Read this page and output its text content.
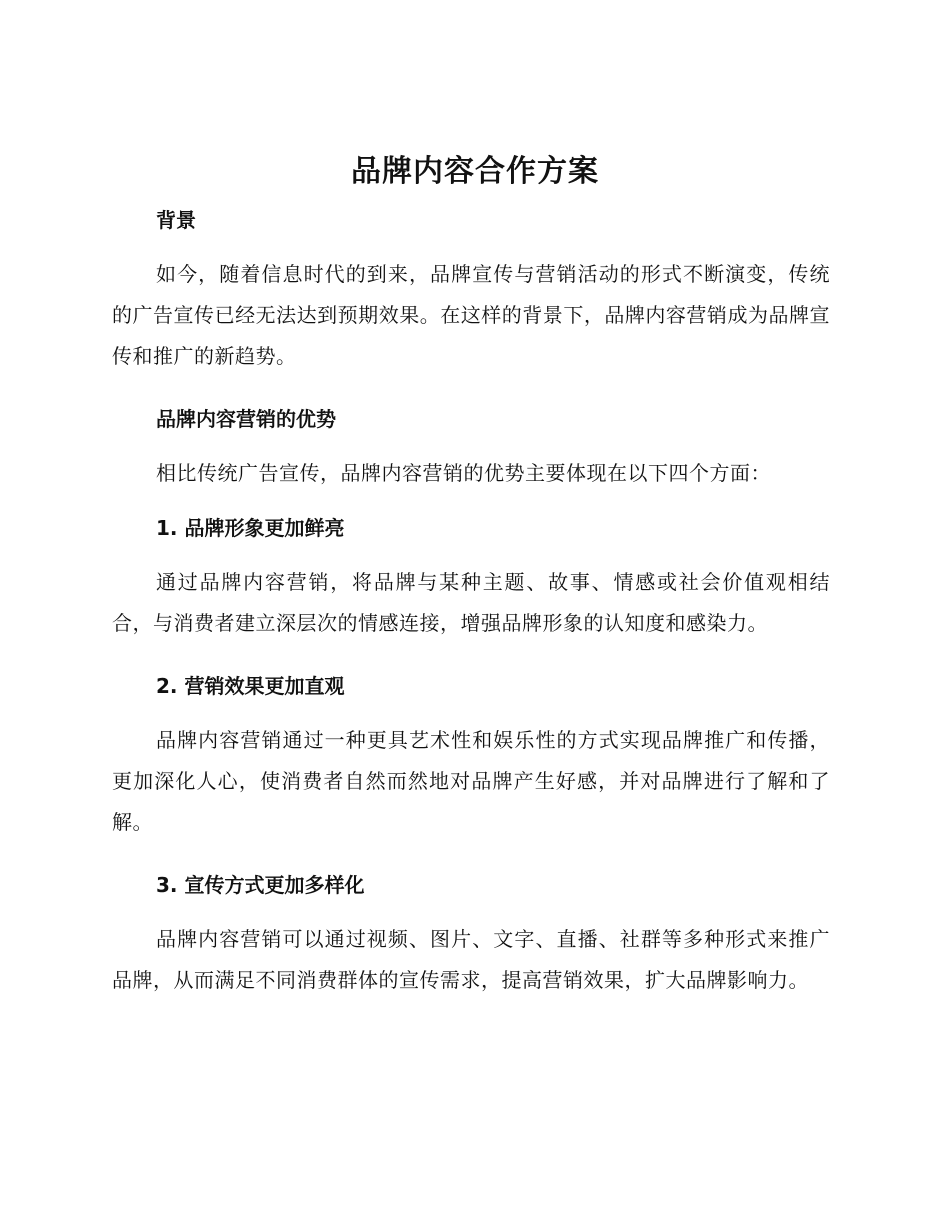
品牌内容合作方案
背景

如今，随着信息时代的到来，品牌宣传与营销活动的形式不断演变，传统的广告宣传已经无法达到预期效果。在这样的背景下，品牌内容营销成为品牌宣传和推广的新趋势。

品牌内容营销的优势

相比传统广告宣传，品牌内容营销的优势主要体现在以下四个方面：

1. 品牌形象更加鲜亮

通过品牌内容营销，将品牌与某种主题、故事、情感或社会价值观相结合，与消费者建立深层次的情感连接，增强品牌形象的认知度和感染力。

2. 营销效果更加直观

品牌内容营销通过一种更具艺术性和娱乐性的方式实现品牌推广和传播，更加深化人心，使消费者自然而然地对品牌产生好感，并对品牌进行了解和了解。

3. 宣传方式更加多样化

品牌内容营销可以通过视频、图片、文字、直播、社群等多种形式来推广品牌，从而满足不同消费群体的宣传需求，提高营销效果，扩大品牌影响力。
